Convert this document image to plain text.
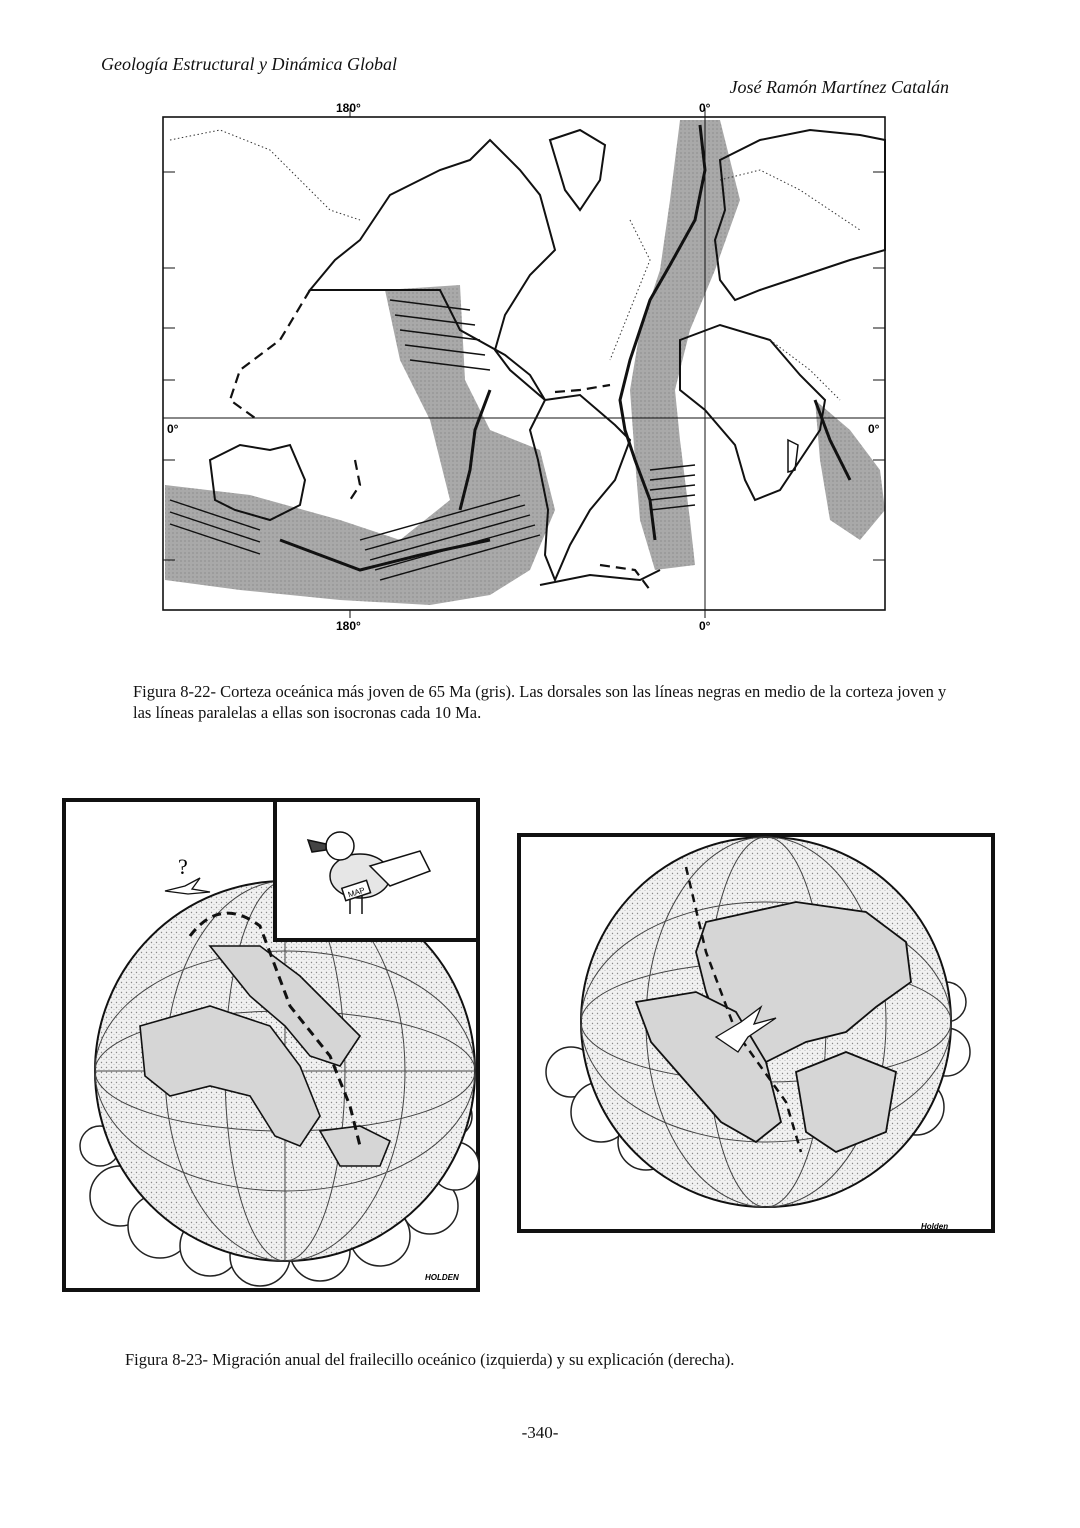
Geología Estructural y Dinámica Global
José Ramón Martínez Catalán
180°	0°
180°	0°
0°	0°
Figura 8-22- Corteza oceánica más joven de 65 Ma (gris). Las dorsales son las líneas negras en medio de la corteza joven y las líneas paralelas a ellas son isocronas cada 10 Ma.
MAP
?
HOLDEN
Holden
Figura 8-23- Migración anual del frailecillo oceánico (izquierda) y su explicación (derecha).
-340-
